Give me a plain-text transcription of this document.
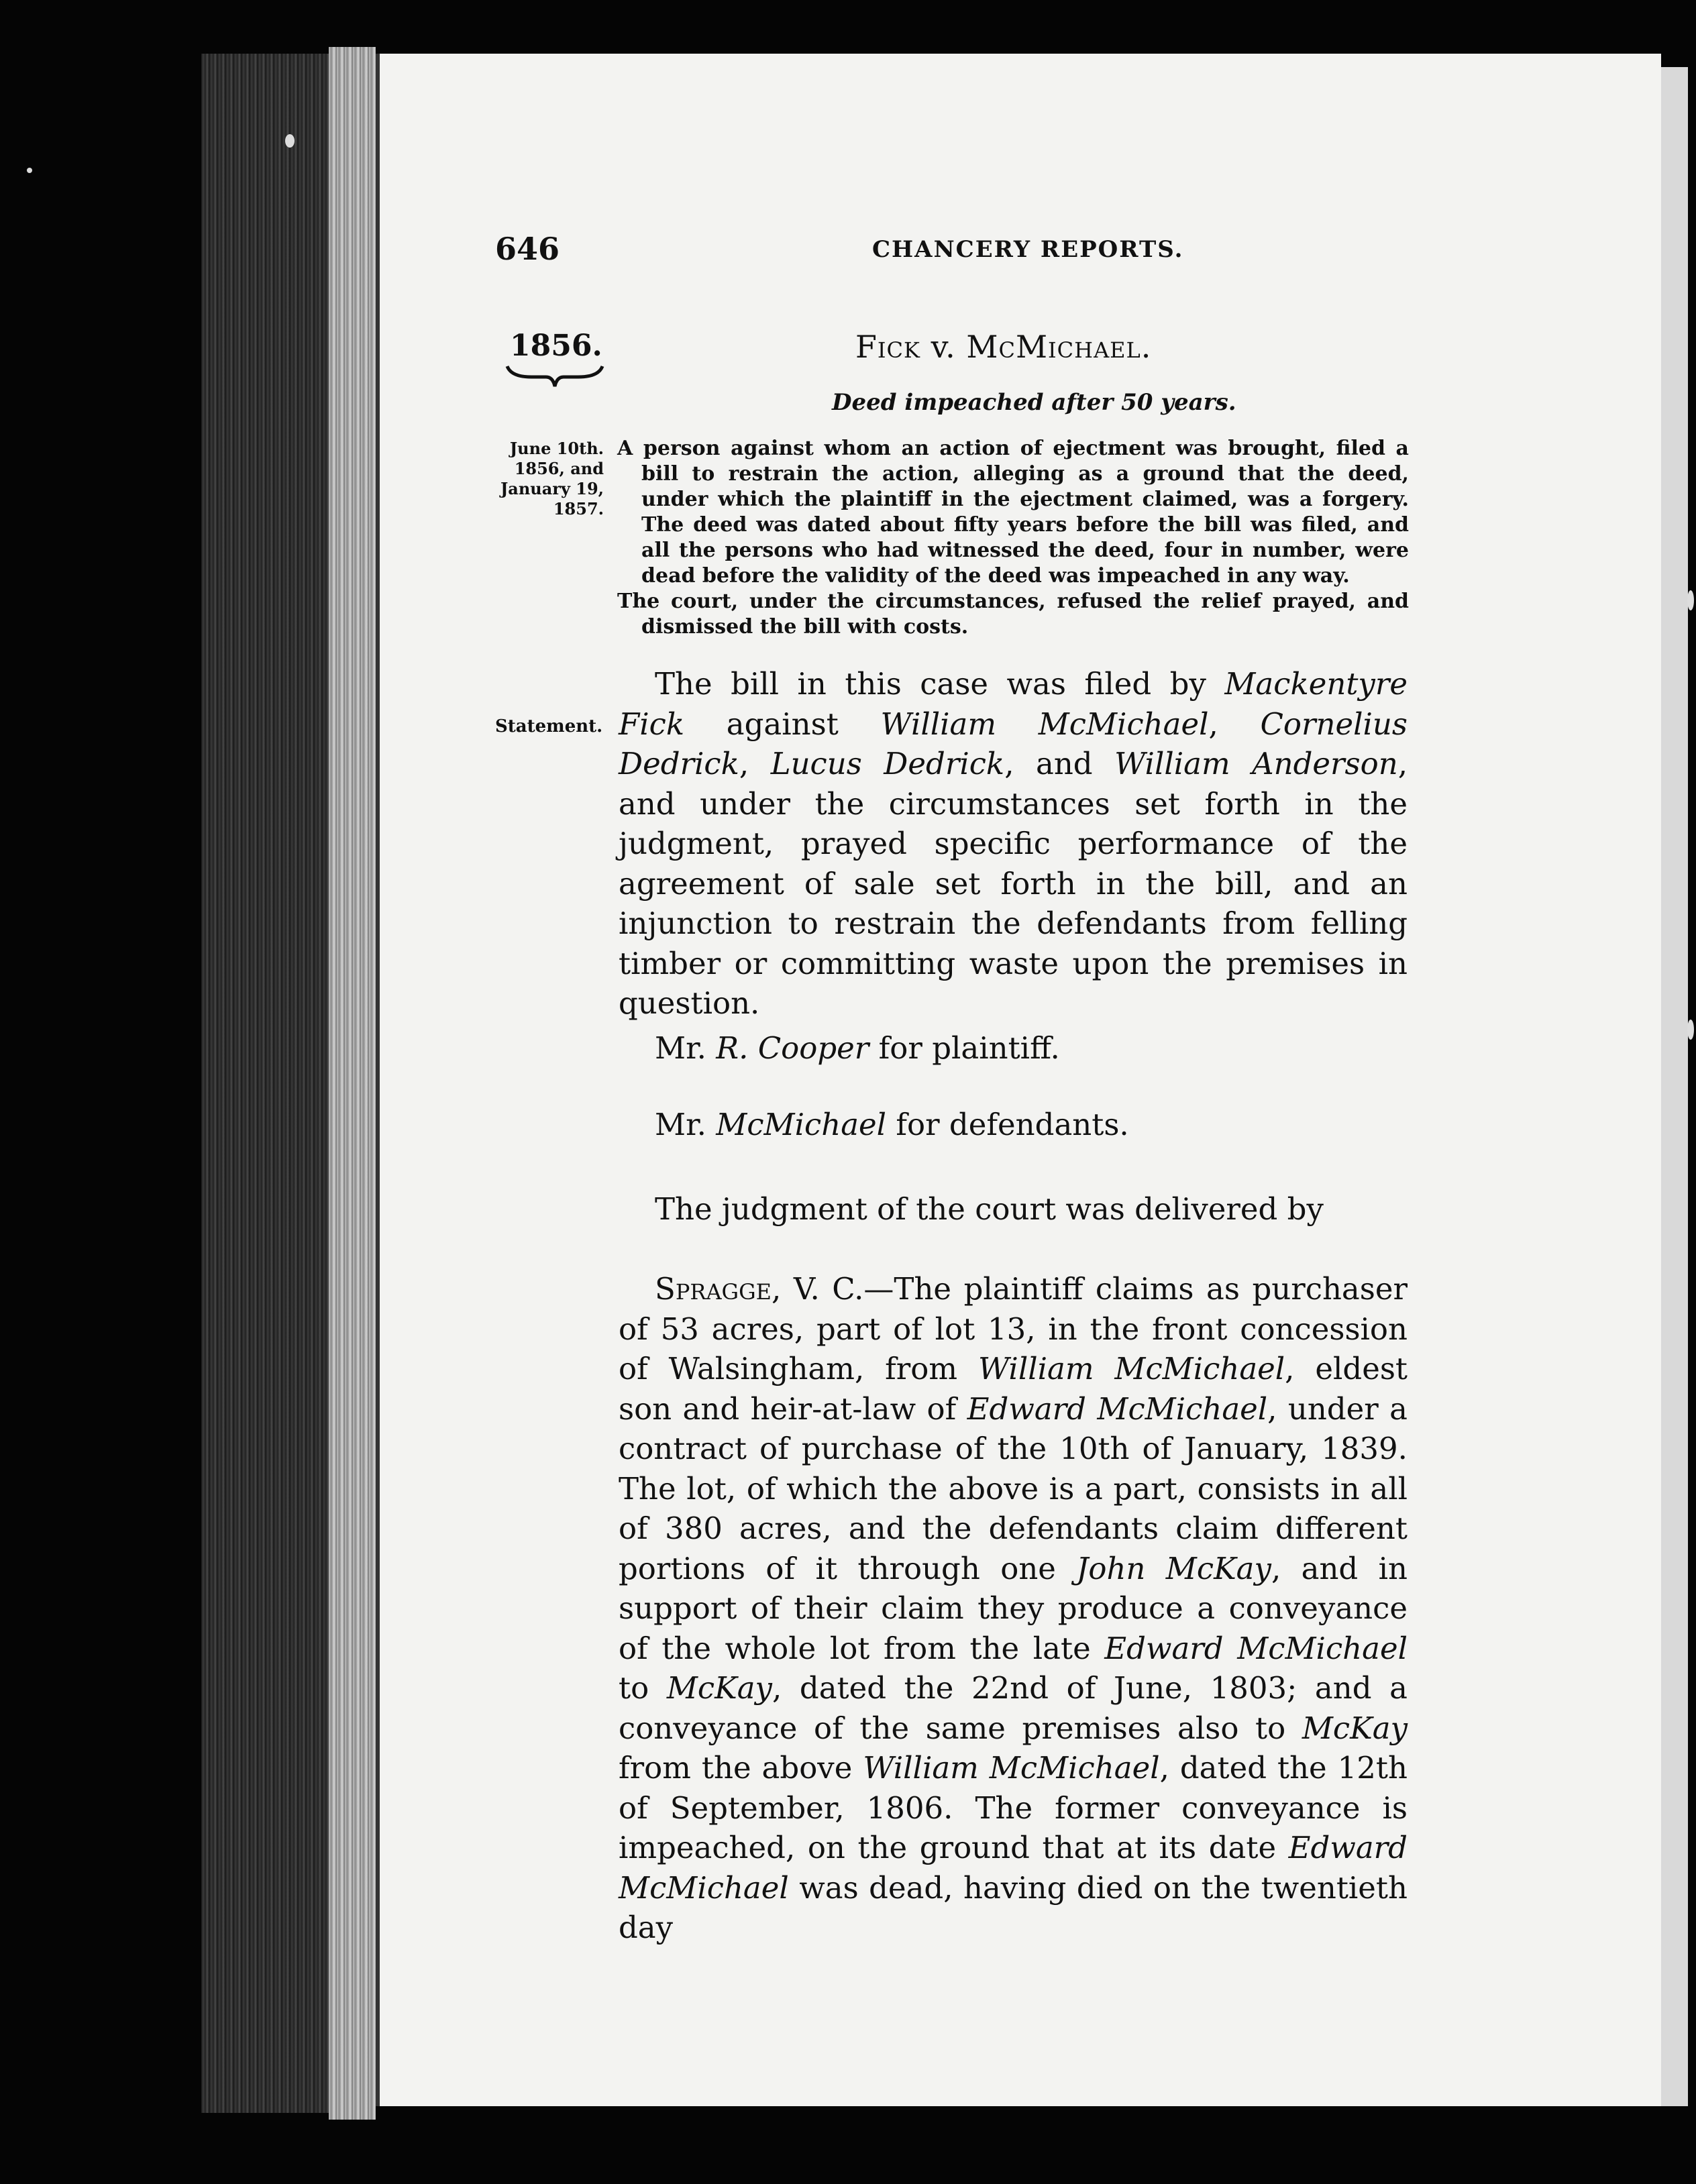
646	CHANCERY REPORTS.
1856.	Fick v. McMichael.
Deed impeached after 50 years.
June 10th.
1856, and
January 19,
1857.

A person against whom an action of ejectment was brought, filed a bill to restrain the action, alleging as a ground that the deed, under which the plaintiff in the ejectment claimed, was a forgery. The deed was dated about fifty years before the bill was filed, and all the persons who had witnessed the deed, four in number, were dead before the validity of the deed was impeached in any way.

The court, under the circumstances, refused the relief prayed, and dismissed the bill with costs.

Statement.

The bill in this case was filed by Mackentyre Fick against William McMichael, Cornelius Dedrick, Lucus Dedrick, and William Anderson, and under the circumstances set forth in the judgment, prayed specific performance of the agreement of sale set forth in the bill, and an injunction to restrain the defendants from felling timber or committing waste upon the premises in question.

Mr. R. Cooper for plaintiff.
Mr. McMichael for defendants.
The judgment of the court was delivered by

Spragge, V. C.—The plaintiff claims as purchaser of 53 acres, part of lot 13, in the front concession of Walsingham, from William McMichael, eldest son and heir-at-law of Edward McMichael, under a contract of purchase of the 10th of January, 1839. The lot, of which the above is a part, consists in all of 380 acres, and the defendants claim different portions of it through one John McKay, and in support of their claim they produce a conveyance of the whole lot from the late Edward McMichael to McKay, dated the 22nd of June, 1803; and a conveyance of the same premises also to McKay from the above William McMichael, dated the 12th of September, 1806. The former conveyance is impeached, on the ground that at its date Edward McMichael was dead, having died on the twentieth day
